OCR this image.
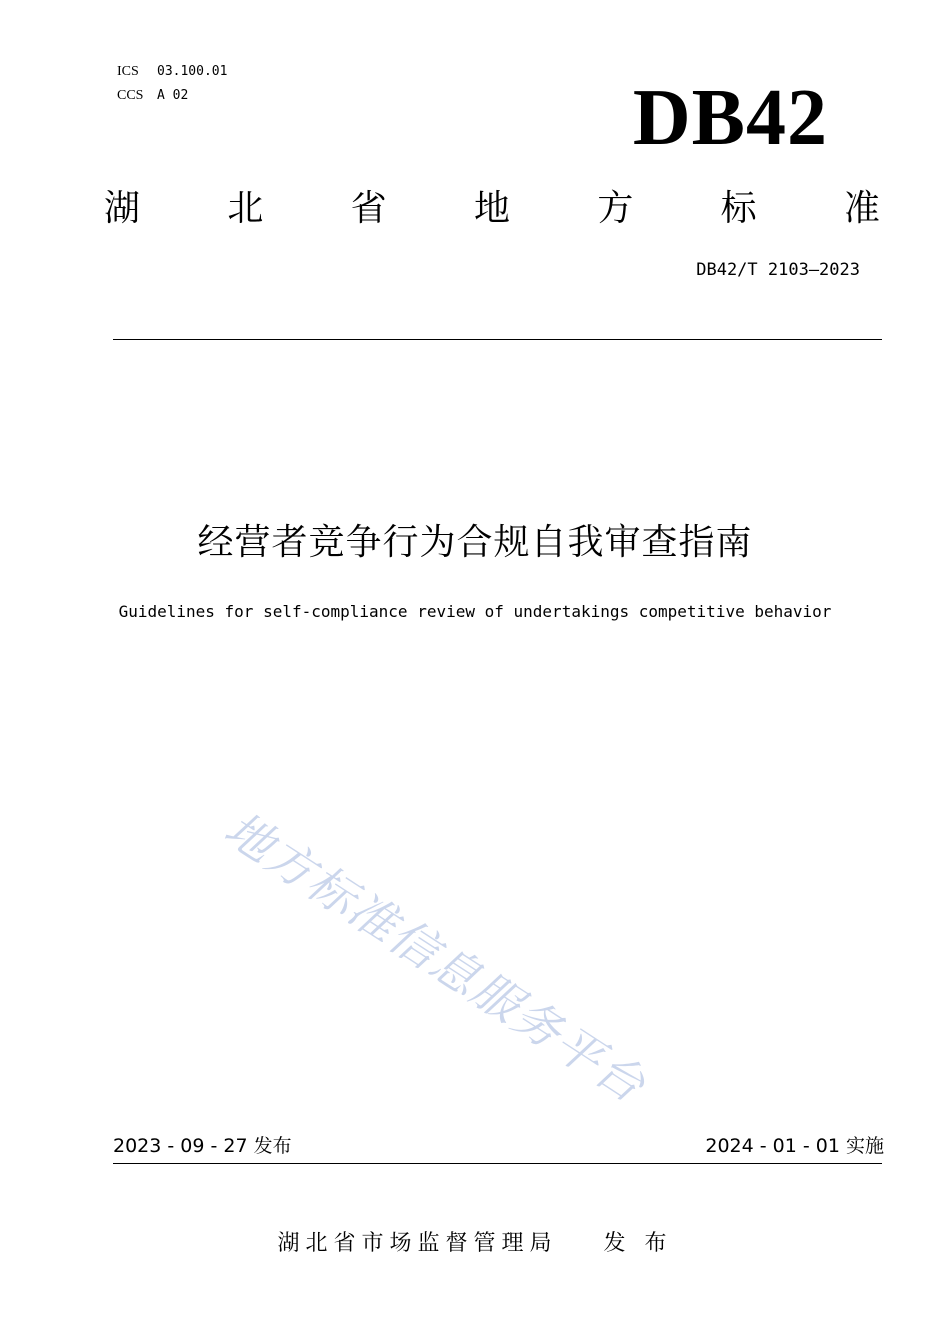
ICS 03.100.01

CCS A 02	DB42
湖 北 省 地 方 标 准
DB42/T 2103—2023
经营者竞争行为合规自我审查指南
Guidelines for self-compliance review of undertakings competitive behavior
地方标准信息服务平台
2023 - 09 - 27 发布	2024 - 01 - 01 实施
湖北省市场监督管理局 发 布
